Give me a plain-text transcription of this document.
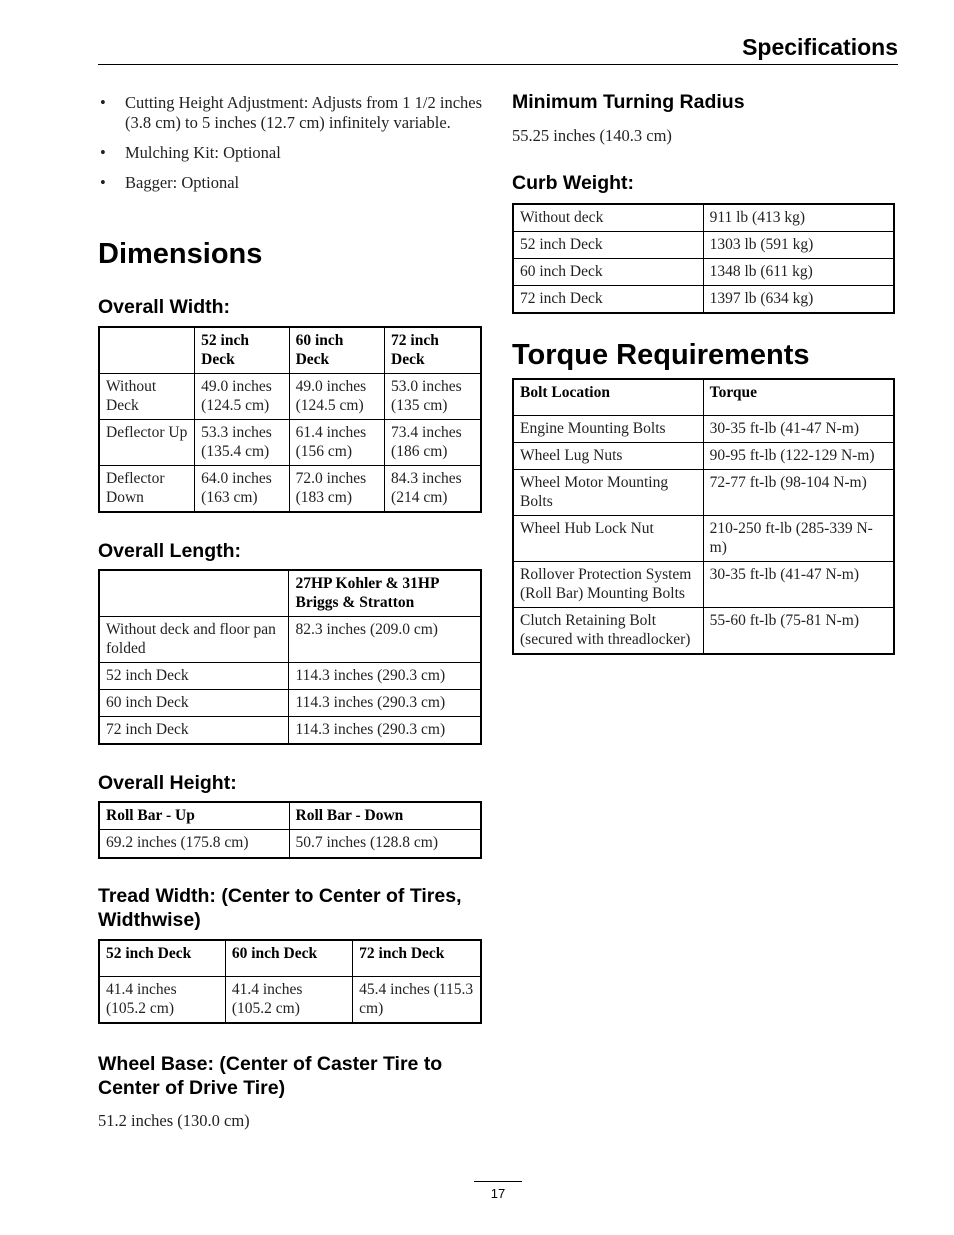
Specifications
• Cutting Height Adjustment: Adjusts from 1 1/2 inches (3.8 cm) to 5 inches (12.7 cm) infinitely variable.
• Mulching Kit: Optional
• Bagger: Optional
Dimensions
Overall Width:
	52 inch Deck	60 inch Deck	72 inch Deck
Without Deck	49.0 inches (124.5 cm)	49.0 inches (124.5 cm)	53.0 inches (135 cm)
Deflector Up	53.3 inches (135.4 cm)	61.4 inches (156 cm)	73.4 inches (186 cm)
Deflector Down	64.0 inches (163 cm)	72.0 inches (183 cm)	84.3 inches (214 cm)
Overall Length:
	27HP Kohler & 31HP Briggs & Stratton
Without deck and floor pan folded	82.3 inches (209.0 cm)
52 inch Deck	114.3 inches (290.3 cm)
60 inch Deck	114.3 inches (290.3 cm)
72 inch Deck	114.3 inches (290.3 cm)
Overall Height:
Roll Bar - Up	Roll Bar - Down
69.2 inches (175.8 cm)	50.7 inches (128.8 cm)
Tread Width: (Center to Center of Tires, Widthwise)
52 inch Deck	60 inch Deck	72 inch Deck
41.4 inches (105.2 cm)	41.4 inches (105.2 cm)	45.4 inches (115.3 cm)
Wheel Base: (Center of Caster Tire to Center of Drive Tire)
51.2 inches (130.0 cm)
Minimum Turning Radius
55.25 inches (140.3 cm)
Curb Weight:
Without deck	911 lb (413 kg)
52 inch Deck	1303 lb (591 kg)
60 inch Deck	1348 lb (611 kg)
72 inch Deck	1397 lb (634 kg)
Torque Requirements
Bolt Location	Torque
Engine Mounting Bolts	30-35 ft-lb (41-47 N-m)
Wheel Lug Nuts	90-95 ft-lb (122-129 N-m)
Wheel Motor Mounting Bolts	72-77 ft-lb (98-104 N-m)
Wheel Hub Lock Nut	210-250 ft-lb (285-339 N-m)
Rollover Protection System (Roll Bar) Mounting Bolts	30-35 ft-lb (41-47 N-m)
Clutch Retaining Bolt (secured with threadlocker)	55-60 ft-lb (75-81 N-m)
17
